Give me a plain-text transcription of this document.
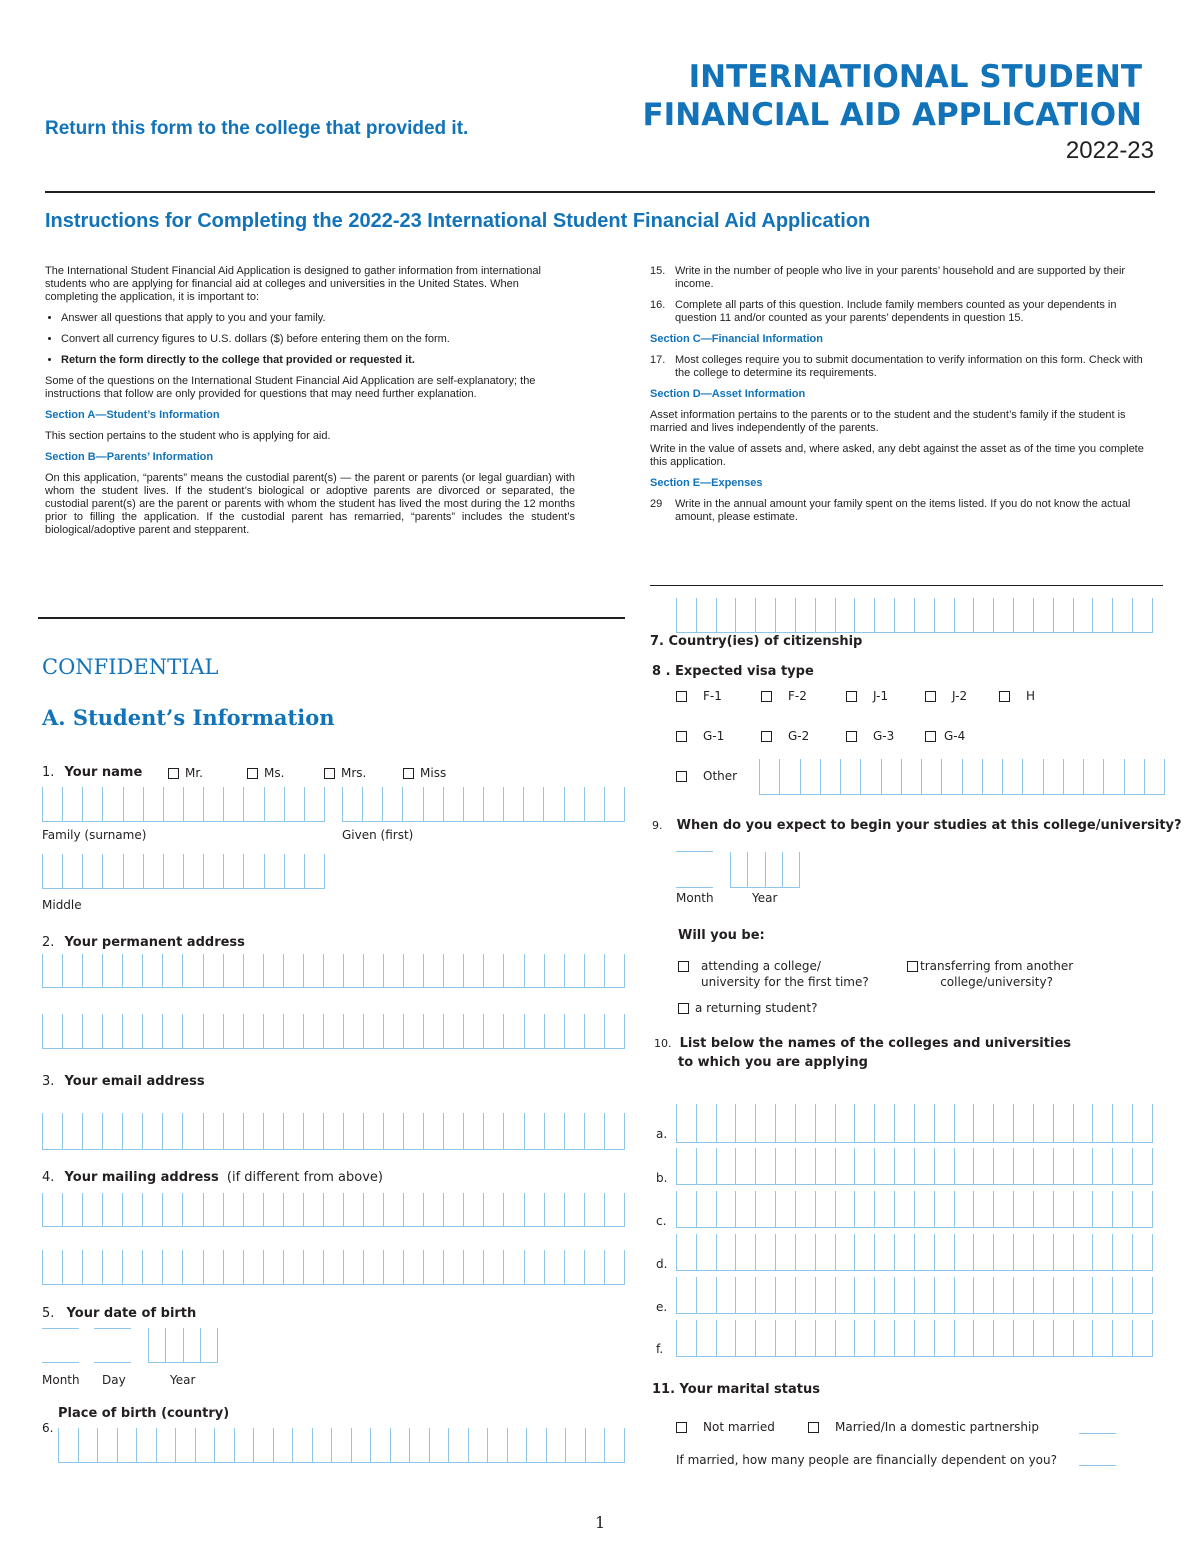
INTERNATIONAL STUDENT
FINANCIAL AID APPLICATION
2022-23
Return this form to the college that provided it.
Instructions for Completing the 2022-23 International Student Financial Aid Application

The International Student Financial Aid Application is designed to gather information from international students who are applying for financial aid at colleges and universities in the United States. When completing the application, it is important to:

• Answer all questions that apply to you and your family.
• Convert all currency figures to U.S. dollars ($) before entering them on the form.
• Return the form directly to the college that provided or requested it.

Some of the questions on the International Student Financial Aid Application are self-explanatory; the instructions that follow are only provided for questions that may need further explanation.

Section A—Student’s Information

This section pertains to the student who is applying for aid.

Section B—Parents’ Information

On this application, “parents” means the custodial parent(s) — the parent or parents (or legal guardian) with whom the student lives. If the student’s biological or adoptive parents are divorced or separated, the custodial parent(s) are the parent or parents with whom the student has lived the most during the 12 months prior to filling the application. If the custodial parent has remarried, “parents” includes the student’s biological/adoptive parent and stepparent.

15. Write in the number of people who live in your parents’ household and are supported by their income.
16. Complete all parts of this question. Include family members counted as your dependents in question 11 and/or counted as your parents’ dependents in question 15.
Section C—Financial Information
17. Most colleges require you to submit documentation to verify information on this form. Check with the college to determine its requirements.
Section D—Asset Information

Asset information pertains to the parents or to the student and the student’s family if the student is married and lives independently of the parents.

Write in the value of assets and, where asked, any debt against the asset as of the time you complete this application.

Section E—Expenses
29	Write in the annual amount your family spent on the items listed. If you do not know the actual amount, please estimate.
CONFIDENTIAL
A. Student’s Information
1. Your name	Mr.	Ms.	Mrs.	Miss
Family (surname)	Given (first)
Middle
2. Your permanent address
3. Your email address
4. Your mailing address (if different from above)
5. Your date of birth
Month Day	Year
Place of birth (country)
6.
7. Country(ies) of citizenship
8 . Expected visa type
F-1	F-2	J-1	J-2	H
G-1	G-2	G-3	G-4
Other
9. When do you expect to begin your studies at this college/university?
Month	Year
Will you be:
attending a college/
university for the first time?
transferring from another
college/university?
a returning student?
10. List below the names of the colleges and universities
to which you are applying
a.
b.
c.
d.
e.
f.
11. Your marital status
Not married	Married/In a domestic partnership
If married, how many people are financially dependent on you?
1
